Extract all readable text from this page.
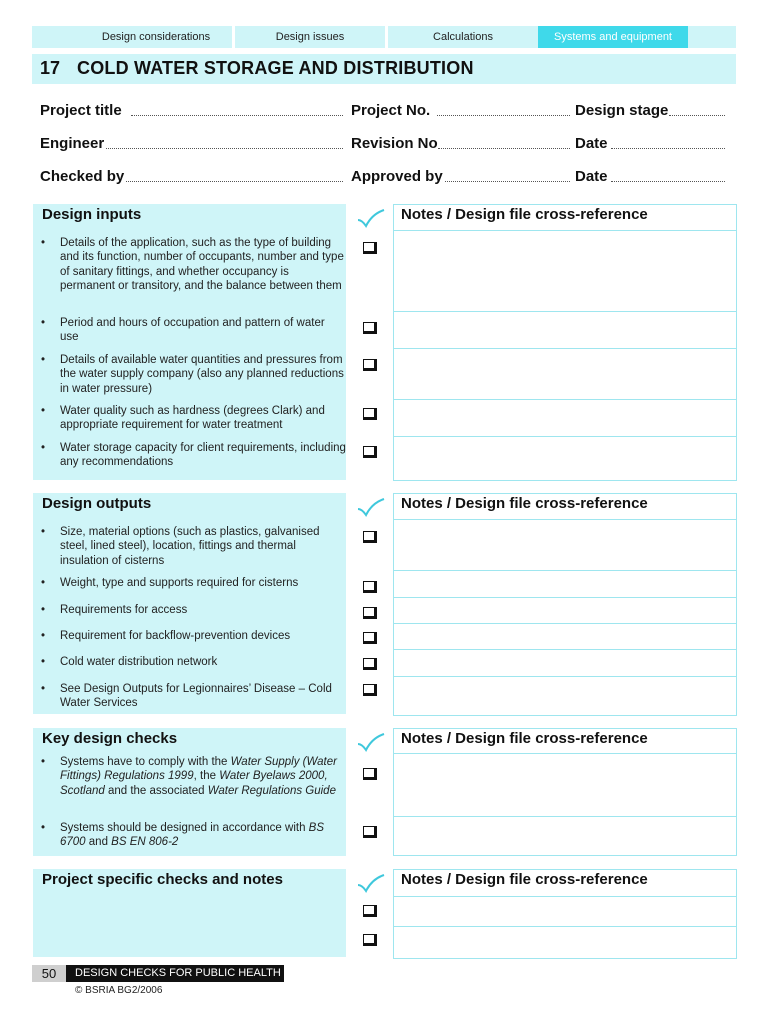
Design considerations	Design issues	Calculations	Systems and equipment
17 COLD WATER STORAGE AND DISTRIBUTION
Project title	Project No.	Design stage
Engineer	Revision No	Date
Checked by	Approved by	Date
Design inputs
• Details of the application, such as the type of building and its function, number of occupants, number and type of sanitary fittings, and whether occupancy is permanent or transitory, and the balance between them
• Period and hours of occupation and pattern of water use
• Details of available water quantities and pressures from the water supply company (also any planned reductions in water pressure)
• Water quality such as hardness (degrees Clark) and appropriate requirement for water treatment
• Water storage capacity for client requirements, including any recommendations
Notes / Design file cross-reference
Design outputs
• Size, material options (such as plastics, galvanised steel, lined steel), location, fittings and thermal insulation of cisterns
• Weight, type and supports required for cisterns
• Requirements for access
• Requirement for backflow-prevention devices
• Cold water distribution network
• See Design Outputs for Legionnaires’ Disease – Cold Water Services
Notes / Design file cross-reference
Key design checks
• Systems have to comply with the Water Supply (Water Fittings) Regulations 1999, the Water Byelaws 2000, Scotland and the associated Water Regulations Guide
• Systems should be designed in accordance with BS 6700 and BS EN 806-2
Notes / Design file cross-reference
Project specific checks and notes	Notes / Design file cross-reference
50	DESIGN CHECKS FOR PUBLIC HEALTH
© BSRIA BG2/2006
